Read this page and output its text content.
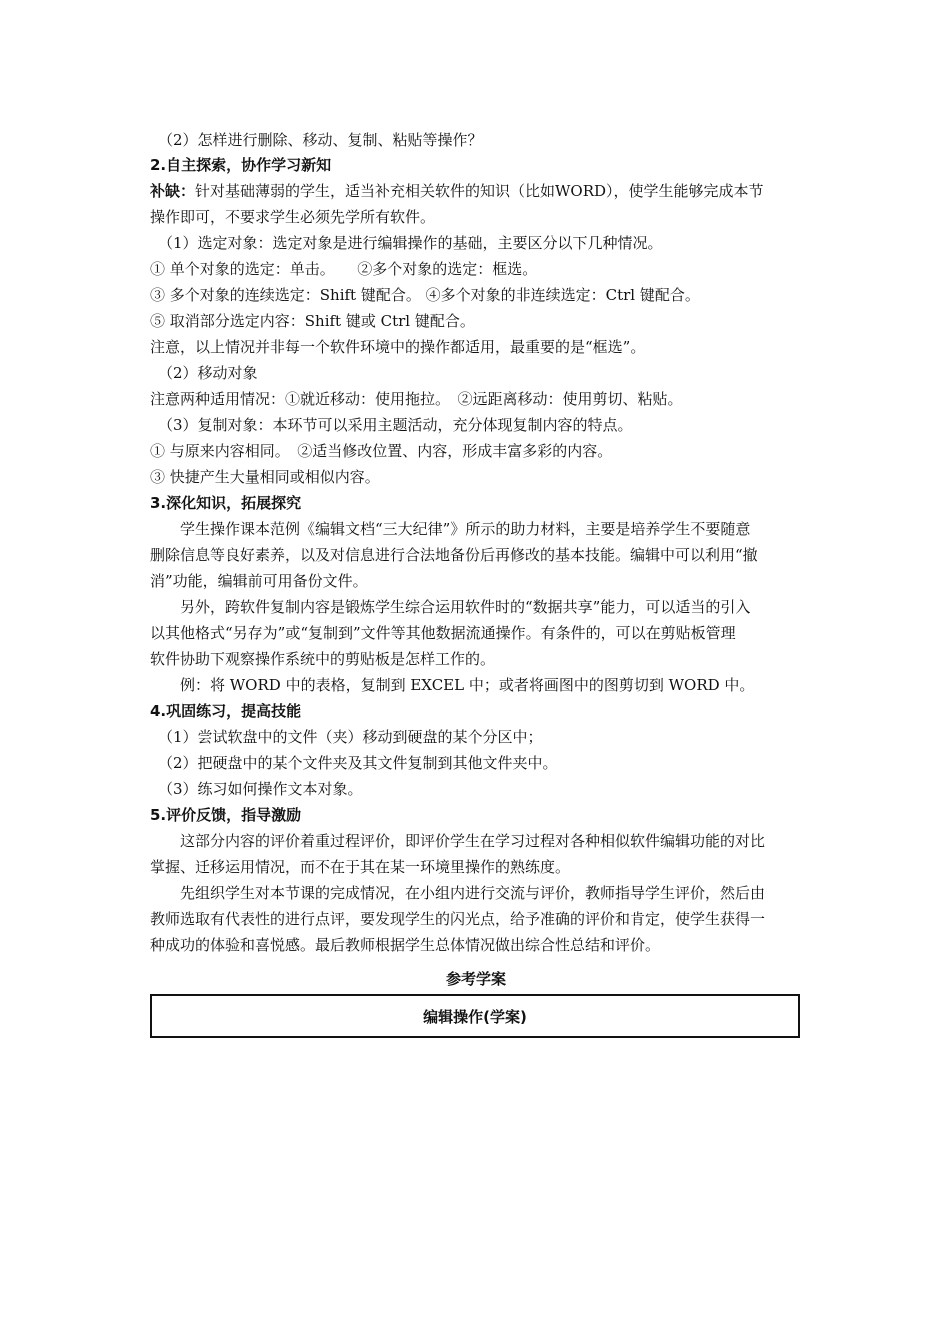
（2）怎样进行删除、移动、复制、粘贴等操作？
2.自主探索，协作学习新知
补缺：针对基础薄弱的学生，适当补充相关软件的知识（比如WORD），使学生能够完成本节
操作即可，不要求学生必须先学所有软件。
（1）选定对象：选定对象是进行编辑操作的基础，主要区分以下几种情况。
① 单个对象的选定：单击。　　②多个对象的选定：框选。
③ 多个对象的连续选定：Shift 键配合。 ④多个对象的非连续选定：Ctrl 键配合。
⑤ 取消部分选定内容：Shift 键或 Ctrl 键配合。
注意，以上情况并非每一个软件环境中的操作都适用，最重要的是“框选”。
（2）移动对象
注意两种适用情况：①就近移动：使用拖拉。　②远距离移动：使用剪切、粘贴。
（3）复制对象：本环节可以采用主题活动，充分体现复制内容的特点。
① 与原来内容相同。　②适当修改位置、内容，形成丰富多彩的内容。
③ 快捷产生大量相同或相似内容。
3.深化知识，拓展探究
学生操作课本范例《编辑文档“三大纪律”》所示的助力材料，主要是培养学生不要随意
删除信息等良好素养，以及对信息进行合法地备份后再修改的基本技能。编辑中可以利用“撤
消”功能，编辑前可用备份文件。
另外，跨软件复制内容是锻炼学生综合运用软件时的“数据共享”能力，可以适当的引入
以其他格式“另存为”或“复制到”文件等其他数据流通操作。有条件的，可以在剪贴板管理
软件协助下观察操作系统中的剪贴板是怎样工作的。
例：将 WORD 中的表格，复制到 EXCEL 中；或者将画图中的图剪切到 WORD 中。
4.巩固练习，提高技能
（1）尝试软盘中的文件（夹）移动到硬盘的某个分区中；
（2）把硬盘中的某个文件夹及其文件复制到其他文件夹中。
（3）练习如何操作文本对象。
5.评价反馈，指导激励
这部分内容的评价着重过程评价，即评价学生在学习过程对各种相似软件编辑功能的对比
掌握、迁移运用情况，而不在于其在某一环境里操作的熟练度。
先组织学生对本节课的完成情况，在小组内进行交流与评价，教师指导学生评价，然后由
教师选取有代表性的进行点评，要发现学生的闪光点，给予准确的评价和肯定，使学生获得一
种成功的体验和喜悦感。最后教师根据学生总体情况做出综合性总结和评价。
参考学案
编辑操作(学案)
